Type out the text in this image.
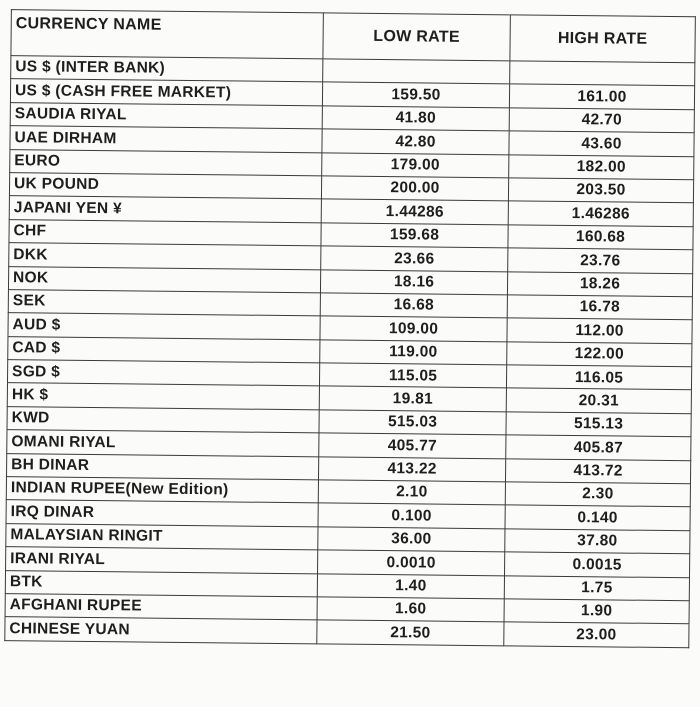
CURRENCY NAME	LOW RATE	HIGH RATE
US $ (INTER BANK)		
US $ (CASH FREE MARKET)	159.50	161.00
SAUDIA RIYAL	41.80	42.70
UAE DIRHAM	42.80	43.60
EURO	179.00	182.00
UK POUND	200.00	203.50
JAPANI YEN ¥	1.44286	1.46286
CHF	159.68	160.68
DKK	23.66	23.76
NOK	18.16	18.26
SEK	16.68	16.78
AUD $	109.00	112.00
CAD $	119.00	122.00
SGD $	115.05	116.05
HK $	19.81	20.31
KWD	515.03	515.13
OMANI RIYAL	405.77	405.87
BH DINAR	413.22	413.72
INDIAN RUPEE(New Edition)	2.10	2.30
IRQ DINAR	0.100	0.140
MALAYSIAN RINGIT	36.00	37.80
IRANI RIYAL	0.0010	0.0015
BTK	1.40	1.75
AFGHANI RUPEE	1.60	1.90
CHINESE YUAN	21.50	23.00
